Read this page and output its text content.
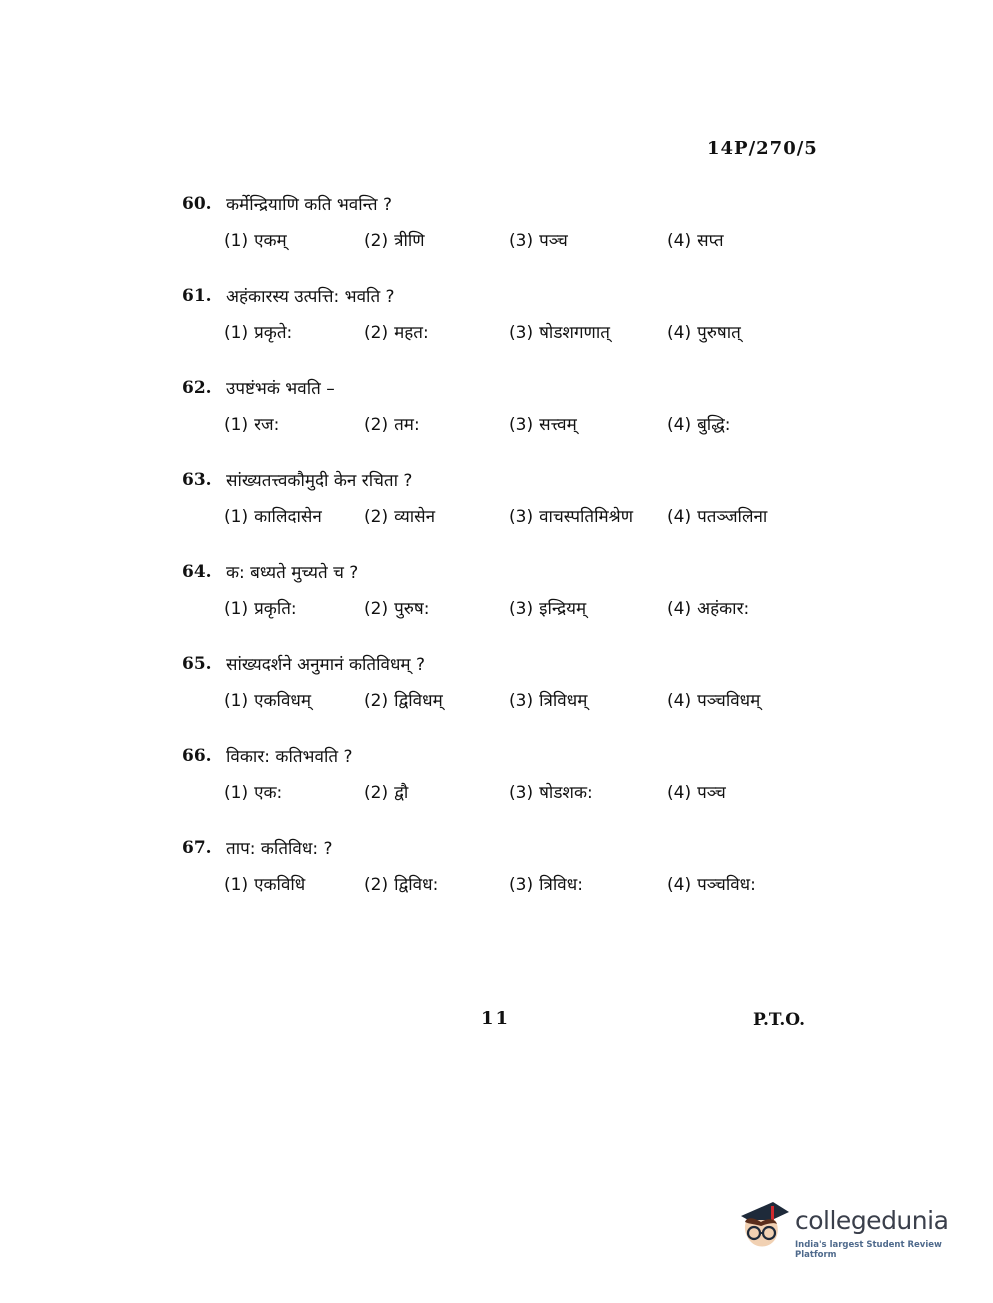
14P/270/5
60. कर्मेन्द्रियाणि कति भवन्ति ?
(1) एकम्	(2) त्रीणि	(3) पञ्च	(4) सप्त
61. अहंकारस्य उत्पत्ति: भवति ?
(1) प्रकृते:	(2) महत:	(3) षोडशगणात्	(4) पुरुषात्
62. उपष्टंभकं भवति –
(1) रज:	(2) तम:	(3) सत्त्वम्	(4) बुद्धि:
63. सांख्यतत्त्वकौमुदी केन रचिता ?
(1) कालिदासेन (2) व्यासेन	(3) वाचस्पतिमिश्रेण (4) पतञ्जलिना
64. क: बध्यते मुच्यते च ?
(1) प्रकृति:	(2) पुरुष:	(3) इन्द्रियम्	(4) अहंकार:
65. सांख्यदर्शने अनुमानं कतिविधम् ?
(1) एकविधम्	(2) द्विविधम्	(3) त्रिविधम्	(4) पञ्चविधम्
66. विकार: कतिभवति ?
(1) एक:	(2) द्वौ	(3) षोडशक:	(4) पञ्च
67. ताप: कतिविध: ?
(1) एकविधि	(2) द्विविध:	(3) त्रिविध:	(4) पञ्चविध:
11	P.T.O.
collegedunia
India's largest Student Review Platform
